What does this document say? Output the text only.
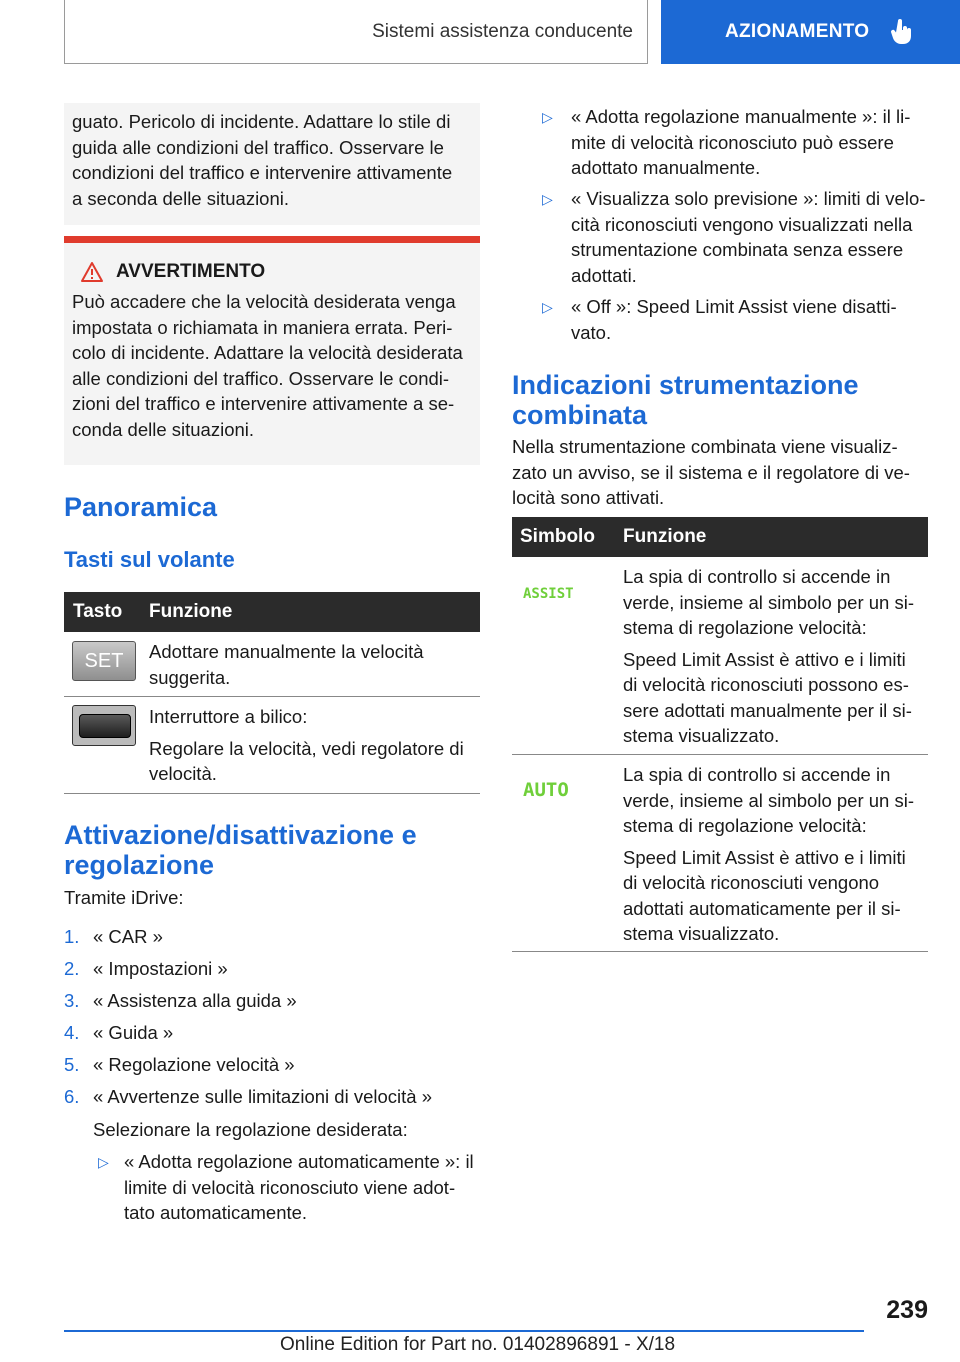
Sistemi assistenza conducente	AZIONAMENTO

guato. Pericolo di incidente. Adattare lo stile di

guida alle condizioni del traffico. Osservare le

condizioni del traffico e intervenire attivamente

a seconda delle situazioni.

AVVERTIMENTO

Può accadere che la velocità desiderata venga

impostata o richiamata in maniera errata. Peri-

colo di incidente. Adattare la velocità desiderata

alle condizioni del traffico. Osservare le condi-

zioni del traffico e intervenire attivamente a se-

conda delle situazioni.

Panoramica
Tasti sul volante
Tasto Funzione
SET Adottare manualmente la velocità

suggerita.

Interruttore a bilico:

Regolare la velocità, vedi regolatore di

velocità.

Attivazione/disattivazione e
regolazione

Tramite iDrive:

1. « CAR »
2. « Impostazioni »
3. « Assistenza alla guida »
4. « Guida »
5. « Regolazione velocità »
6. « Avvertenze sulle limitazioni di velocità »
Selezionare la regolazione desiderata:
▷ « Adotta regolazione automaticamente »: il

limite di velocità riconosciuto viene adot-

tato automaticamente.

▷ « Adotta regolazione manualmente »: il li-

mite di velocità riconosciuto può essere

adottato manualmente.

▷ « Visualizza solo previsione »: limiti di velo-

cità riconosciuti vengono visualizzati nella

strumentazione combinata senza essere

adottati.

▷ « Off »: Speed Limit Assist viene disatti-

vato.

Indicazioni strumentazione
combinata

Nella strumentazione combinata viene visualiz-

zato un avviso, se il sistema e il regolatore di ve-

locità sono attivati.

Simbolo Funzione
ASSIST

La spia di controllo si accende in

verde, insieme al simbolo per un si-

stema di regolazione velocità:

Speed Limit Assist è attivo e i limiti

di velocità riconosciuti possono es-

sere adottati manualmente per il si-

stema visualizzato.

AUTO

La spia di controllo si accende in

verde, insieme al simbolo per un si-

stema di regolazione velocità:

Speed Limit Assist è attivo e i limiti

di velocità riconosciuti vengono

adottati automaticamente per il si-

stema visualizzato.

239
Online Edition for Part no. 01402896891 - X/18
